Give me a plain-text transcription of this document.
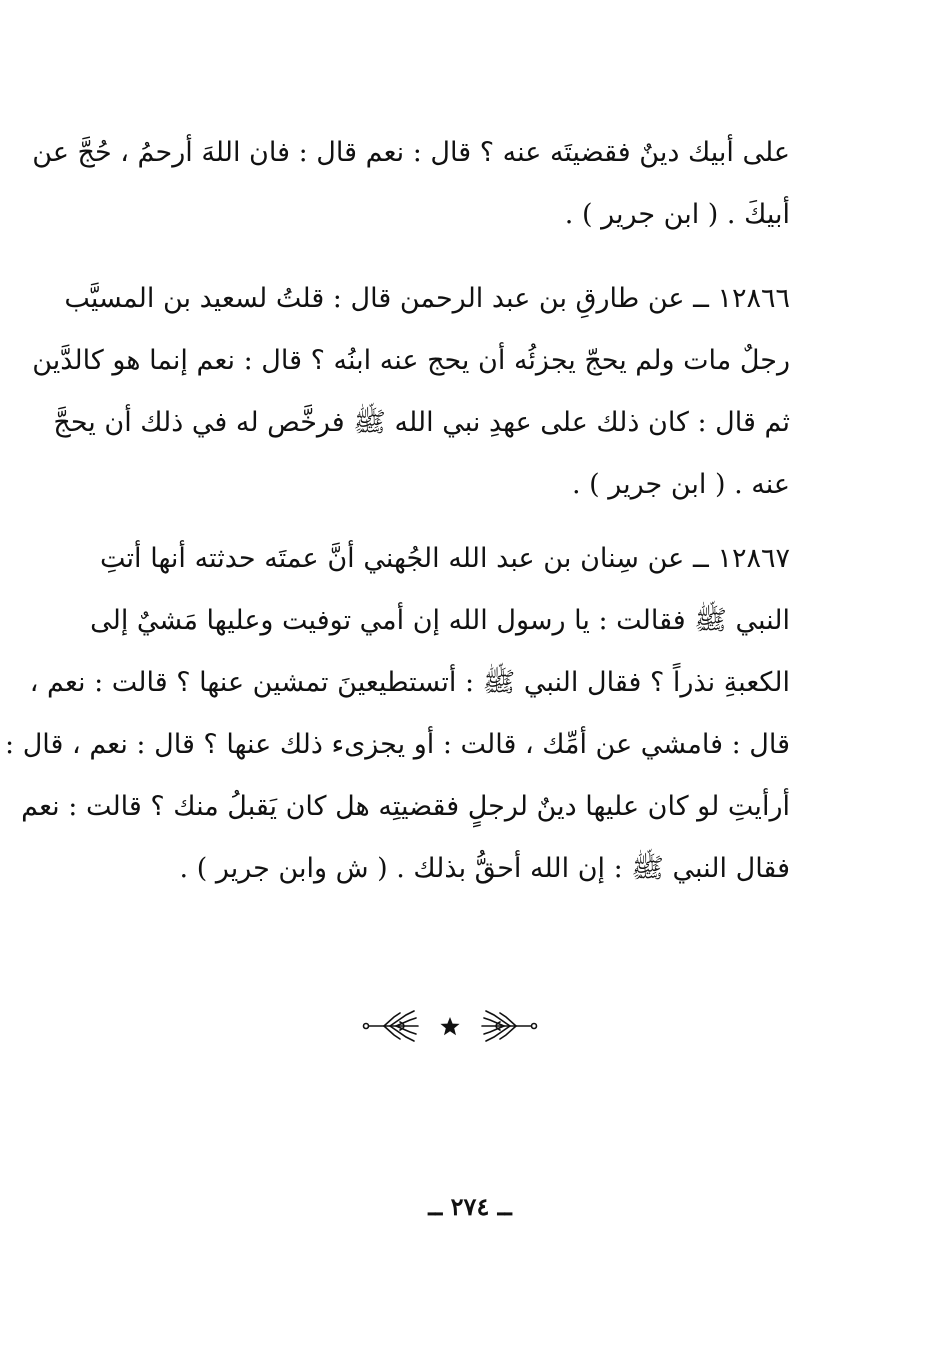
على أبيك دينٌ فقضيتَه عنه ؟ قال : نعم قال : فان اللهَ أرحمُ ، حُجَّ عن
أبيكَ . ( ابن جرير ) .
١٢٨٦٦ ــ عن طارقِ بن عبد الرحمن قال : قلتُ لسعيد بن المسيَّب
رجلٌ مات ولم يحجّ يجزئُه أن يحج عنه ابنُه ؟ قال : نعم إنما هو كالدَّين
ثم قال : كان ذلك على عهدِ نبي الله ﷺ فرخَّص له في ذلك أن يحجَّ
عنه . ( ابن جرير ) .
١٢٨٦٧ ــ عن سِنان بن عبد الله الجُهني أنَّ عمتَه حدثته أنها أتتِ
النبي ﷺ فقالت : يا رسول الله إن أمي توفيت وعليها مَشيٌ إلى
الكعبةِ نذراً ؟ فقال النبي ﷺ : أتستطيعينَ تمشين عنها ؟ قالت : نعم ،
قال : فامشي عن أمِّك ، قالت : أو يجزىء ذلك عنها ؟ قال : نعم ، قال :
أرأيتِ لو كان عليها دينٌ لرجلٍ فقضيتِه هل كان يَقبلُ منك ؟ قالت : نعم
فقال النبي ﷺ : إن الله أحقُّ بذلك . ( ش وابن جرير ) .
ــ ٢٧٤ ــ
